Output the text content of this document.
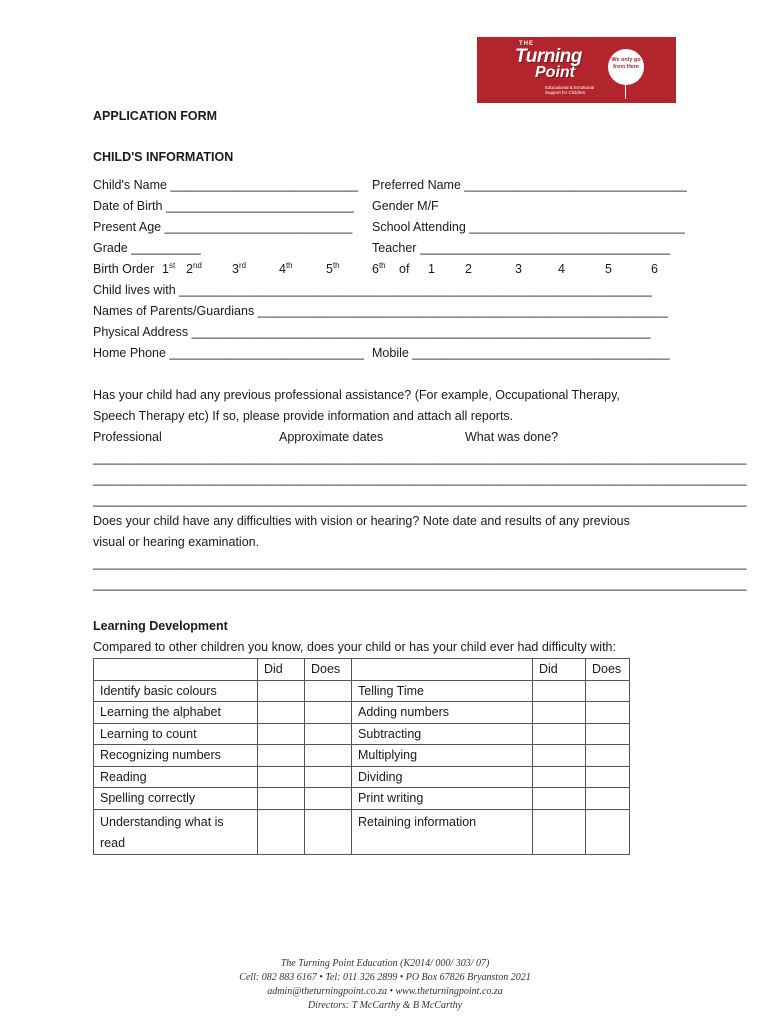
THE
Turning
Point
Educational & Emotional Support for Children
We only go from Here
APPLICATION FORM
CHILD'S INFORMATION
Child's Name ___________________________ Preferred Name ________________________________
Date of Birth ___________________________ Gender M/F
Present Age ___________________________ School Attending _______________________________
Grade __________	Teacher ____________________________________
Birth Order 1st 2nd 3rd	4th	5th	6th of 1 2	3	4	5	6
Child lives with ____________________________________________________________________
Names of Parents/Guardians ___________________________________________________________
Physical Address __________________________________________________________________
Home Phone ____________________________ Mobile _____________________________________
Has your child had any previous professional assistance? (For example, Occupational Therapy,
Speech Therapy etc) If so, please provide information and attach all reports.
Professional	Approximate dates	What was done?
______________________________________________________________________________________________
______________________________________________________________________________________________
______________________________________________________________________________________________
Does your child have any difficulties with vision or hearing? Note date and results of any previous
visual or hearing examination.
______________________________________________________________________________________________
______________________________________________________________________________________________
Learning Development
Compared to other children you know, does your child or has your child ever had difficulty with:
	Did	Does		Did	Does
Identify basic colours			Telling Time		
Learning the alphabet			Adding numbers		
Learning to count			Subtracting		
Recognizing numbers			Multiplying		
Reading			Dividing		
Spelling correctly			Print writing		
Understanding what is read			Retaining information		
The Turning Point Education (K2014/ 000/ 303/ 07)
Cell: 082 883 6167 • Tel: 011 326 2899 • PO Box 67826 Bryanston 2021
admin@theturningpoint.co.za • www.theturningpoint.co.za
Directors: T McCarthy & B McCarthy
